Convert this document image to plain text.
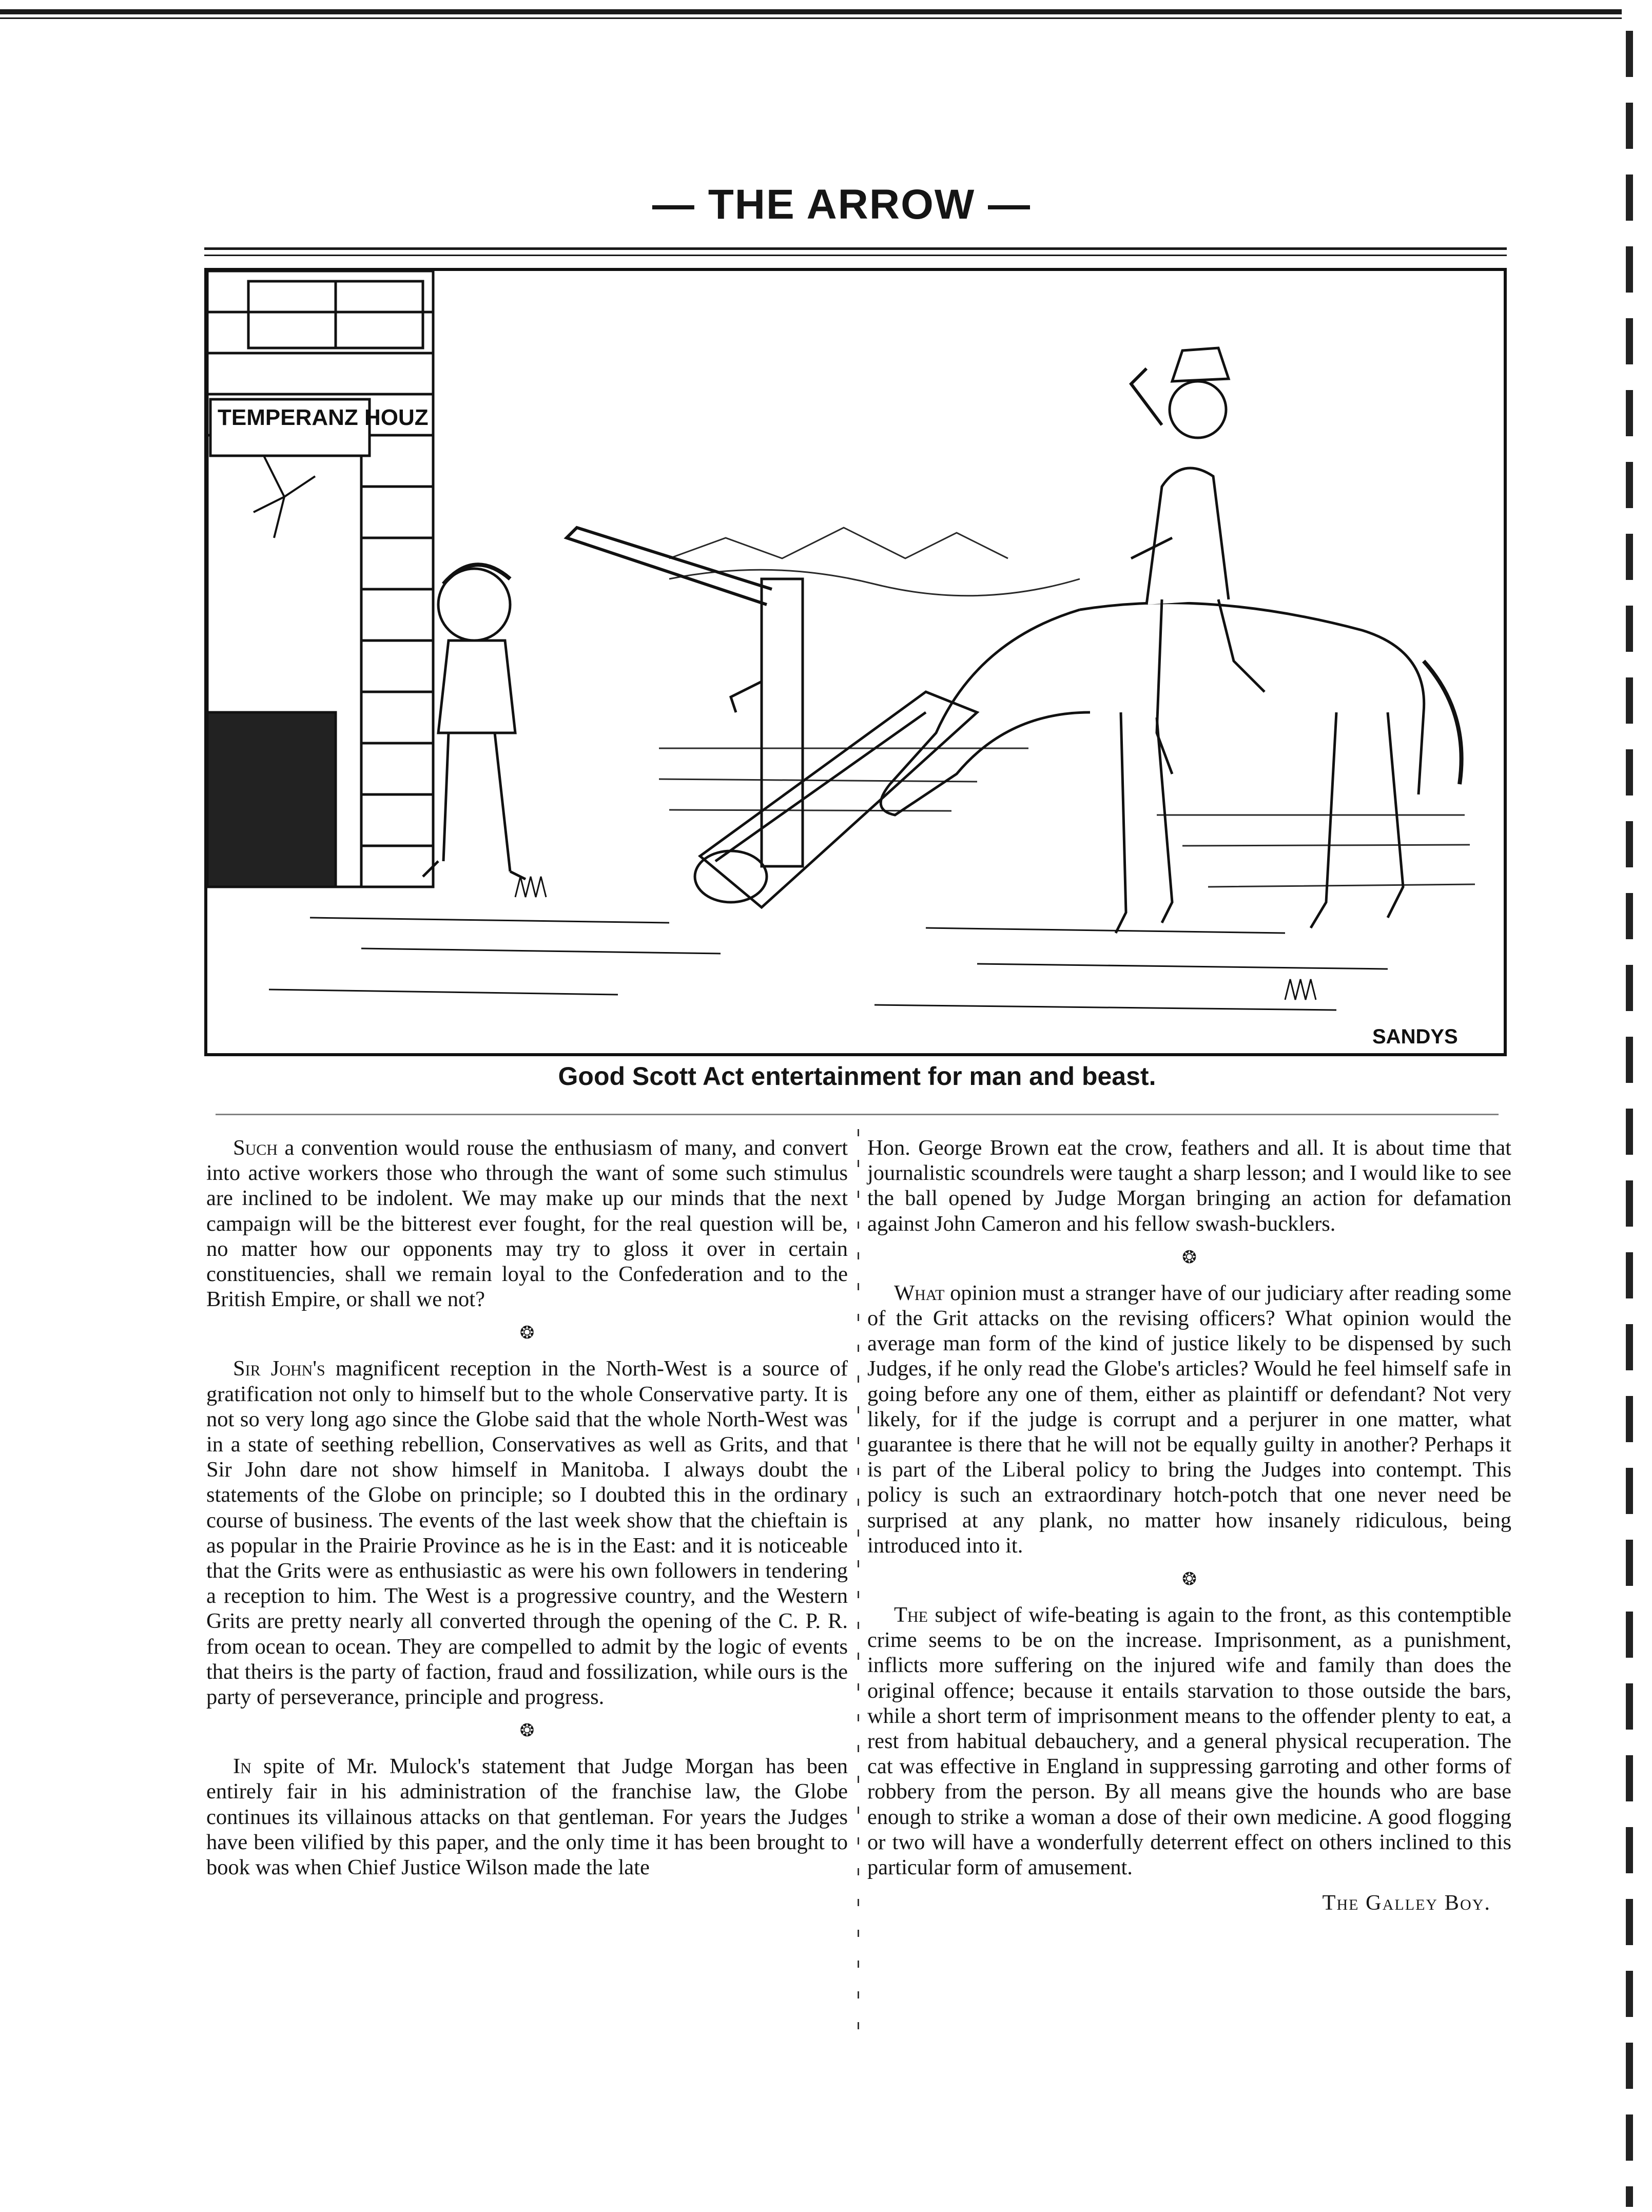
— THE ARROW —
TEMPERANZ HOUZ
SANDYS
Good Scott Act entertainment for man and beast.

Such a convention would rouse the enthusiasm of many, and convert into active workers those who through the want of some such stimulus are inclined to be indolent. We may make up our minds that the next campaign will be the bitterest ever fought, for the real question will be, no matter how our opponents may try to gloss it over in certain constituencies, shall we remain loyal to the Confederation and to the British Empire, or shall we not?

❂

Sir John's magnificent reception in the North-West is a source of gratification not only to himself but to the whole Conservative party. It is not so very long ago since the Globe said that the whole North-West was in a state of seething rebellion, Conservatives as well as Grits, and that Sir John dare not show himself in Manitoba. I always doubt the statements of the Globe on principle; so I doubted this in the ordinary course of business. The events of the last week show that the chieftain is as popular in the Prairie Province as he is in the East: and it is noticeable that the Grits were as enthusiastic as were his own followers in tendering a reception to him. The West is a progressive country, and the Western Grits are pretty nearly all converted through the opening of the C. P. R. from ocean to ocean. They are compelled to admit by the logic of events that theirs is the party of faction, fraud and fossilization, while ours is the party of perseverance, principle and progress.

❂

In spite of Mr. Mulock's statement that Judge Morgan has been entirely fair in his administration of the franchise law, the Globe continues its villainous attacks on that gentleman. For years the Judges have been vilified by this paper, and the only time it has been brought to book was when Chief Justice Wilson made the late

Hon. George Brown eat the crow, feathers and all. It is about time that journalistic scoundrels were taught a sharp lesson; and I would like to see the ball opened by Judge Morgan bringing an action for defamation against John Cameron and his fellow swash-bucklers.

❂

What opinion must a stranger have of our judiciary after reading some of the Grit attacks on the revising officers? What opinion would the average man form of the kind of justice likely to be dispensed by such Judges, if he only read the Globe's articles? Would he feel himself safe in going before any one of them, either as plaintiff or defendant? Not very likely, for if the judge is corrupt and a perjurer in one matter, what guarantee is there that he will not be equally guilty in another? Perhaps it is part of the Liberal policy to bring the Judges into contempt. This policy is such an extraordinary hotch-potch that one never need be surprised at any plank, no matter how insanely ridiculous, being introduced into it.

❂

The subject of wife-beating is again to the front, as this contemptible crime seems to be on the increase. Imprisonment, as a punishment, inflicts more suffering on the injured wife and family than does the original offence; because it entails starvation to those outside the bars, while a short term of imprisonment means to the offender plenty to eat, a rest from habitual debauchery, and a general physical recuperation. The cat was effective in England in suppressing garroting and other forms of robbery from the person. By all means give the hounds who are base enough to strike a woman a dose of their own medicine. A good flogging or two will have a wonderfully deterrent effect on others inclined to this particular form of amusement.

The Galley Boy.
